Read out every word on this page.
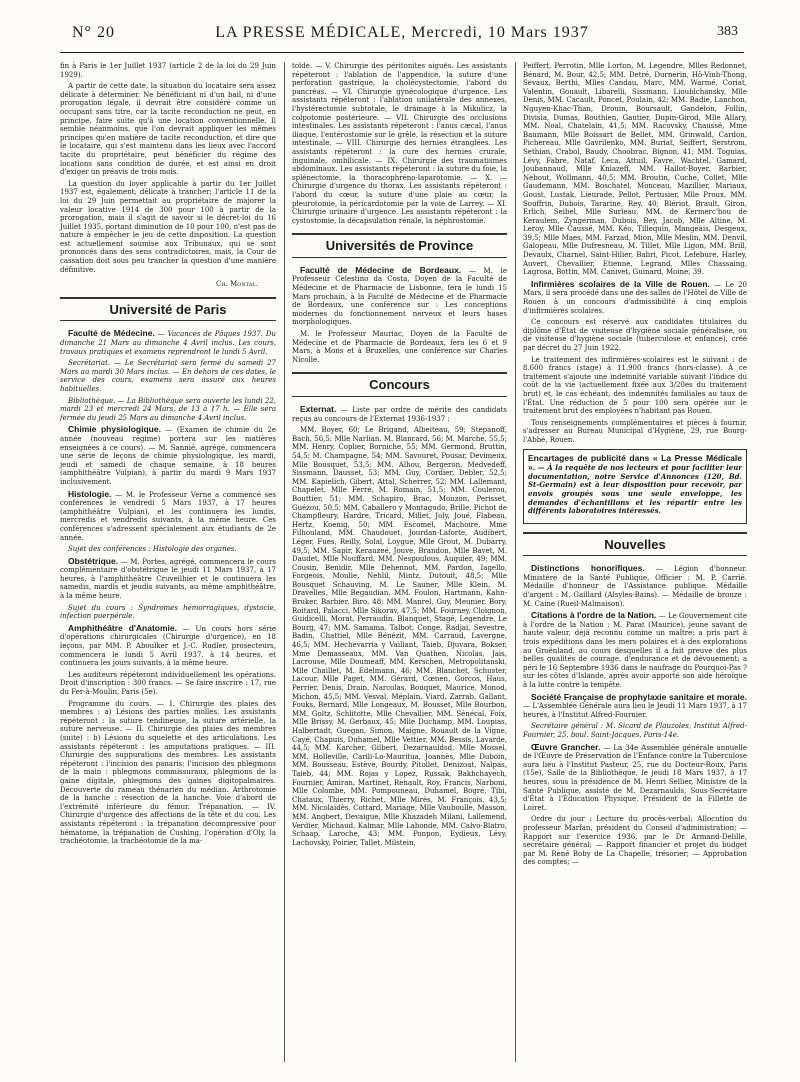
N° 20	LA PRESSE MÉDICALE, Mercredi, 10 Mars 1937	383

fin à Paris le 1er Juillet 1937 (article 2 de la loi du 29 Juin 1929).

A partir de cette date, la situation du locataire sera assez délicate à déterminer. Ne bénéficiant ni d'un bail, ni d'une prorogation légale, il devrait être considéré comme un occupant sans titre, car la tacite reconduction ne peut, en principe, faire suite qu'à une location conventionnelle. Il semble néanmoins, que l'on devrait appliquer les mêmes principes qu'en matière de tacite reconduction, et dire que le locataire, qui s'est maintenu dans les lieux avec l'accord tacite du propriétaire, peut bénéficier du régime des locations sans condition de durée, et est ainsi en droit d'exiger un préavis de trois mois.

La question du loyer applicable à partir du 1er Juillet 1937 est, également, délicate à trancher; l'article 11 de la loi du 29 Juin permettait au propriétaire de majorer la valeur locative 1914 de 300 pour 100 à partir de la prorogation, mais il s'agit de savoir si le décret-loi du 16 Juillet 1935, portant diminution de 10 pour 100, n'est pas de nature à empêcher le jeu de cette disposition. La question est actuellement soumise aux Tribunaux, qui se sont prononcés dans des sens contradictoires, mais, la Cour de cassation doit sous peu trancher la question d'une manière définitive.

Ch. Montal.
Université de Paris

Faculté de Médecine. — Vacances de Pâques 1937. Du dimanche 21 Mars au dimanche 4 Avril inclus. Les cours, travaux pratiques et examens reprendront le lundi 5 Avril.

Secrétariat. — Le Secrétariat sera fermé du samedi 27 Mars au mardi 30 Mars inclus. — En dehors de ces dates, le service des cours, examens sera assuré aux heures habituelles.

Bibliothèque. — La Bibliothèque sera ouverte les lundi 22, mardi 23 et mercredi 24 Mars, de 13 à 17 h. — Elle sera fermée du jeudi 25 Mars au dimanche 4 Avril inclus.

Chimie physiologique. — (Examen de chimie du 2e année (nouveau régime) portera sur les matières enseignées à ce cours). — M. Sannié, agrégé, commencera une série de leçons de chimie physiologique, les mardi, jeudi et samedi de chaque semaine, à 18 heures (amphithéâtre Vulpian), à partir du mardi 9 Mars 1937 inclusivement.

Histologie. — M. le Professeur Verne a commencé ses conférences le vendredi 5 Mars 1937, à 17 heures (amphithéâtre Vulpian), et les continuera les lundis, mercredis et vendredis suivants, à la même heure. Ces conférences s'adressent spécialement aux étudiants de 2e année.

Sujet des conférences : Histologie des organes.

Obstétrique. — M. Portes, agrégé, commencera le cours complémentaire d'obstétrique le jeudi 11 Mars 1937, à 17 heures, à l'amphithéâtre Cruveilhier et le continuera les samedis, mardis et jeudis suivants, au même amphithéâtre, à la même heure.

Sujet du cours : Syndromes hémorragiques, dystocie, infection puerpérale.

Amphithéâtre d'Anatomie. — Un cours hors série d'opérations chirurgicales (Chirurgie d'urgence), en 18 leçons, par MM. P. Aboulker et J.-C. Rudler, prosecteurs, commencera le lundi 5 Avril 1937, à 14 heures, et continuera les jours suivants, à la même heure.

Les auditeurs répéteront individuellement les opérations. Droit d'inscription : 300 francs. — Se faire inscrire : 17, rue du Fer-à-Moulin, Paris (5e).

Programme du cours. — I. Chirurgie des plaies des membres : a) Lésions des parties molles. Les assistants répéteront : la suture tendineuse, la suture artérielle, la suture nerveuse. — II. Chirurgie des plaies des membres (suite) : b) Lésions du squelette et des articulations. Les assistants répéteront : les amputations pratiques. — III. Chirurgie des suppurations des membres. Les assistants répéteront : l'incision des panaris; l'incision des phlegmons de la main : phlegmons commissuraux, phlegmons de la gaine digitale, phlegmons des gaines digitopalmaires. Découverte du rameau thénarien du médian. Arthrotomie de la hanche : résection de la hanche. Voie d'abord de l'extrémité inférieure du fémur. Trépanation. — IV. Chirurgie d'urgence des affections de la tête et du cou. Les assistants répéteront : la trépanation décompressive pour hématome, la trépanation de Cushing, l'opération d'Oly, la trachéotomie, la trachéotomie de la ma-

toïde. — V. Chirurgie des péritonites aiguës. Les assistants répéteront : l'ablation de l'appendice, la suture d'une perforation gastrique, la cholécystectomie, l'abord du pancréas. — VI. Chirurgie gynécologique d'urgence. Les assistants répéteront : l'ablation unilatérale des annexes, l'hystérectomie subtotale, le drainage à la Mikulicz, la colpotomie postérieure. — VII. Chirurgie des occlusions intestinales. Les assistants répéteront : l'anus cæcal, l'anus iliaque, l'entérostomie sur le grêle, la résection et la suture intestinale. — VIII. Chirurgie des hernies étranglées. Les assistants répéteront : la cure des hernies crurale, inguinale, ombilicale. — IX. Chirurgie des traumatismes abdominaux. Les assistants répéteront : la suture du foie, la splénectomie, la thoracophréno-laparotomie. — X. — Chirurgie d'urgence du thorax. Les assistants répéteront : l'abord du cœur, la suture d'une plaie au cœur, la pleurotomie, la péricardotomie par la voie de Larrey. — XI. Chirurgie urinaire d'urgence. Les assistants répéteront : la cystostomie, la décapsulation rénale, la néphrostomie.

Universités de Province

Faculté de Médecine de Bordeaux. — M. le Professeur Celestino da Costa, Doyen de la Faculté de Médecine et de Pharmacie de Lisbonne, fera le lundi 15 Mars prochain, à la Faculté de Médecine et de Pharmacie de Bordeaux, une conférence sur : Les conceptions modernes du fonctionnement nerveux et leurs bases morphologiques.

M. le Professeur Mauriac, Doyen de la Faculté de Médecine et de Pharmacie de Bordeaux, fera les 6 et 9 Mars, à Mons et à Bruxelles, une conférence sur Charles Nicolle.

Concours

Externat. — Liste par ordre de mérite des candidats reçus au concours de l'Externat 1936-1937 :

MM. Boyer, 60; Le Brigand, Albeiteau, 59; Stepanoff, Bach, 56,5; Mlle Narlian, M. Blancard, 56; M. Marche, 55,5; MM. Henry, Coplier, Borniche, 55; MM. Germond, Bruttin, 54,5; M. Champagne, 54; MM. Savouret, Pousar, Devimeux, Mlle Bousquet, 53,5; MM. Alhou, Bergeron, Medvedeff, Sissmann, Dausset, 53; MM. Guy, Cordier, Debler, 52,5; MM. Kapielich, Gibert, Attal, Scherrer, 52; MM. Lallemant, Chapelet, Mlle Ferré, M. Romain, 51,5; MM. Coulerou, Bouttier, 51; MM. Schapiro, Brac, Mouzon, Perisset, Guézou, 50,5; MM. Caballero y Montagudo, Brille, Pichot de Champfleury, Hardre, Tricard, Millet, Joly, Joué, Flabeau, Hertz, Koenig, 50; MM. Escomel, Machoire, Mme Filhouland, MM. Chaudouet, Jourdan-Laforte, Audibert, Léger, Fues, Reilly, Solal, Loygue, Mlle Grout, M. Dubarry, 49,5; MM. Sapir, Kerauzeé, Jouve, Brandon, Mlle Bavet, M. Daudet, Mlle Nouffard, MM. Nespoulous, Auquier, 49; MM. Cousin, Benidir, Mlle Dehennot, MM. Pardon, Iagello, Forgeois, Moulle, Nehlil, Mintz, Dutouit, 48,5; Mlle Bousquet Schauving, M. Le Sauner, Mlle Klein, M. Dravelles, Mlle Begaudian, MM. Foulon, Hartmann, Kahn-Bruker, Barbier, Biro, 48; MM. Manrel, Guy, Meunier, Bory, Roitard, Palacci, Mlle Sikorav, 47,5; MM. Fourney, Cloignon, Guidicelli, Morat, Perraudin, Blanquet, Stagé, Legendre, Le Bourg, 47; MM. Samama, Talbot, Conge, Radjai, Sevestre, Badin, Chattiel, Mlle Bénézit, MM. Carraud, Lavergne, 46,5; MM. Hechevarria y Vaillant, Taieb, Djuvara, Bokser, Mme Demasseaux, MM. Van Quathen, Nicolas, Jais, Lacrouse, Mlle Doumeaff, MM. Kerschen, Metropolitanski, Mlle Chaillet, M. Edelmann, 46; MM. Blanchet, Schuster, Lacour, Mlle Paget, MM. Gérard, Cœnen, Gorcos, Haus, Perrier, Denis, Drain, Narcolas, Bouquet, Maurice, Monod, Michon, 45,5; MM. Vesval, Méplain, Viard, Zarrab, Gallant, Fouks, Bernard, Mlle Longeaux, M. Bousset, Mlle Bourbon, MM. Goltz, Schlitotte, Mlle Chevallier, MM. Sénécal, Foix, Mlle Brissy, M. Gerbaux, 45; Mlle Duchamp, MM. Loupias, Halbertadt, Guegan, Simon, Maigne, Rouault de la Vigne, Cayé, Chapuis, Duhamel, Mlle Vettier, MM. Bessis, Lavarde, 44,5; MM. Karcher, Gilbert, Dezarnauldsd, Mlle Mossel, MM. Holleville, Carili-Lo-Mauritua, Joannès, Mlle Duboin, MM. Bousseau, Estève, Bourdy, Pitollet, Denizoat, Nalpas, Taieb, 44; MM. Rojas y Lopez, Russak, Bakhchayech, Fournier, Amiran, Martinet, Renault, Roy, Francis, Narboni, Mlle Colombe, MM. Pompouneau, Duhamel, Bogré, Tibi, Chataux, Thierry, Richet, Mlle Mirès, M. François, 43,5; MM. Nicolaidès, Cottard, Mariage, Mlle Vauboulle, Masson, MM. Angbert, Devaigue, Mlle Khazadeh Milani, Lallemend, Verdier, Michaud, Kalmar, Mlle Labonde, MM. Calvo-Blatro, Schaap, Laroche, 43; MM. Ponpon, Eydieux, Lévy, Lachovsky, Poirier, Tallet, Milstein,

Peiffert, Perrotin, Mlle Lorton, M. Legendre, Mlles Redonnet, Bénard, M. Bour, 42,5; MM. Detré, Durnerin, Hô-Vinh-Thong, Sevaux, Berthi, Mlles Candau, Marc, MM. Warmé, Coriat, Valentin, Gouault, Libarelli, Sissmann, Lioublchansky, Mlle Denis, MM. Cacault, Poncet, Poulain, 42; MM. Badie, Lanchon, Nguyen-Khac-Than, Drouin, Boursault, Gandelon, Follin, Divisia, Dumas, Bouthien, Gautier, Dupin-Girod, Mlle Allary, MM. Noal, Chatelain, 41,5; MM. Racovsky, Chaussé, Mme Baumann, Mlle Boissart de Bellet, MM. Grinwald, Cardon, Pichereau, Mlle Gavrilenko, MM. Buriat, Seiffert, Serstrom, Sethian, Crabol, Baudy, Choobrac, Bignon, 41; MM. Toguias, Lévy, Fabre, Nataf, Leca, Attuil, Favre, Wachtel, Gamard, Joubannaud, Mlle Kniazeff, MM. Hallot-Boyer, Barbier, Nebout, Wollmann, 40,5; MM. Broutin, Cuche, Collet, Mlle Gaudemann, MM. Boschatel, Monceau, Mazillier, Mariaux, Goust, Lustak, Lieurade, Pellot, Pertusier, Mlle Proux, MM. Souffrin, Dubois, Tararine, Rey, 40; Blériot, Brault, Giron, Erlich, Seibel, Mlle Surleau, MM. de Kermerc'hou de Keraulem, Zyngerman, Dubois, Bey, Jacob, Mlle Altine, M. Leroy, Mlle Caussé, MM. Kéo, Tillequin, Mangeais, Desgeux, 39,5; Mlle Maes, MM. Farzad, Mion, Mlle Meslin, MM. Denvil, Galopeau, Mlle Dufresneau, M. Tillet, Mlle Ligon, MM. Brill, Devaulx, Charnel, Saint-Hilier, Bahri, Picot, Lefebure, Harley, Auvert, Chevallier, Etienne, Legrand, Mlles Chassaing, Lagrosa, Bottin, MM. Canivet, Guinard, Moine, 39.

Infirmières scolaires de la Ville de Rouen. — Le 20 Mars, il sera procédé dans une des salles de l'Hôtel de Ville de Rouen à un concours d'admissibilité à cinq emplois d'infirmières scolaires.

Ce concours est réservé aux candidates titulaires du diplôme d'État de visiteuse d'hygiène sociale généralisée, ou de visiteuse d'hygiène sociale (tuberculose et enfance), créé par décret du 27 Juin 1922.

Le traitement des infirmières-scolaires est le suivant : de 8.600 francs (stage) à 11.900 francs (hors-classe). À ce traitement s'ajoute une indemnité variable suivant l'indice du coût de la vie (actuellement fixée aux 3/20es du traitement brut) et, le cas échéant, des indemnités familiales au taux de l'État. Une réduction de 5 pour 100 sera opérée sur le traitement brut des employées n'habitant pas Rouen.

Tous renseignements complémentaires et pièces à fournir, s'adresser au Bureau Municipal d'Hygiène, 29, rue Bourg-l'Abbé, Rouen.

Encartages de publicité dans « La Presse Médicale ». — À la requête de nos lecteurs et pour faciliter leur documentation, notre Service d'Annonces (120, Bd. St-Germain) est à leur disposition pour recevoir, par envois groupés sous une seule enveloppe, les demandes d'échantillons et les répartir entre les différents laboratoires intéressés.

Nouvelles

Distinctions honorifiques. — Légion d'honneur. Ministère de la Santé Publique, Officier : M. P. Carrié. Médaille d'honneur de l'Assistance publique. Médaille d'argent : M. Gaillard (Alsyles-Bains). — Médaille de bronze : M. Caine (Rueil-Malmaison).

Citations à l'ordre de la Nation. — Le Gouvernement cite à l'ordre de la Nation : M. Parat (Maurice), jeune savant de haute valeur, déjà reconnu comme un maître; a pris part à trois expéditions dans les mers polaires et à des explorations au Groënland, au cours desquelles il a fait preuve des plus belles qualités de courage, d'endurance et de dévouement; a péri le 16 Septembre 1936 dans le naufrage du Pourquoi-Pas ? sur les côtes d'Islande, après avoir apporté son aide héroïque à la lutte contre la tempête.

Société Française de prophylaxie sanitaire et morale. — L'Assemblée Générale aura lieu le Jeudi 11 Mars 1937, à 17 heures, à l'Institut Alfred-Fournier.

Secrétaire général : M. Sicard de Plauzoles, Institut Alfred-Fournier, 25, boul. Saint-Jacques, Paris-14e.

Œuvre Grancher. — La 34e Assemblée générale annuelle de l'Œuvre de Préservation de l'Enfance contre la Tuberculose aura lieu à l'Institut Pasteur, 25, rue du Docteur-Roux, Paris (15e), Salle de la Bibliothèque, le jeudi 18 Mars 1937, à 17 heures, sous la présidence de M. Henri Sellier, Ministre de la Santé Publique, assisté de M. Dezarnaulds, Sous-Secrétaire d'État à l'Éducation Physique, Président de la Fillette de Loiret.

Ordre du jour : Lecture du procès-verbal; Allocution du professeur Marfan, président du Conseil d'administration; — Rapport sur l'exercice 1936, par le Dr Armand-Delille, secrétaire général; — Rapport financier et projet du budget par M. René Boby de La Chapelle, trésorier; — Approbation des comptes; —
